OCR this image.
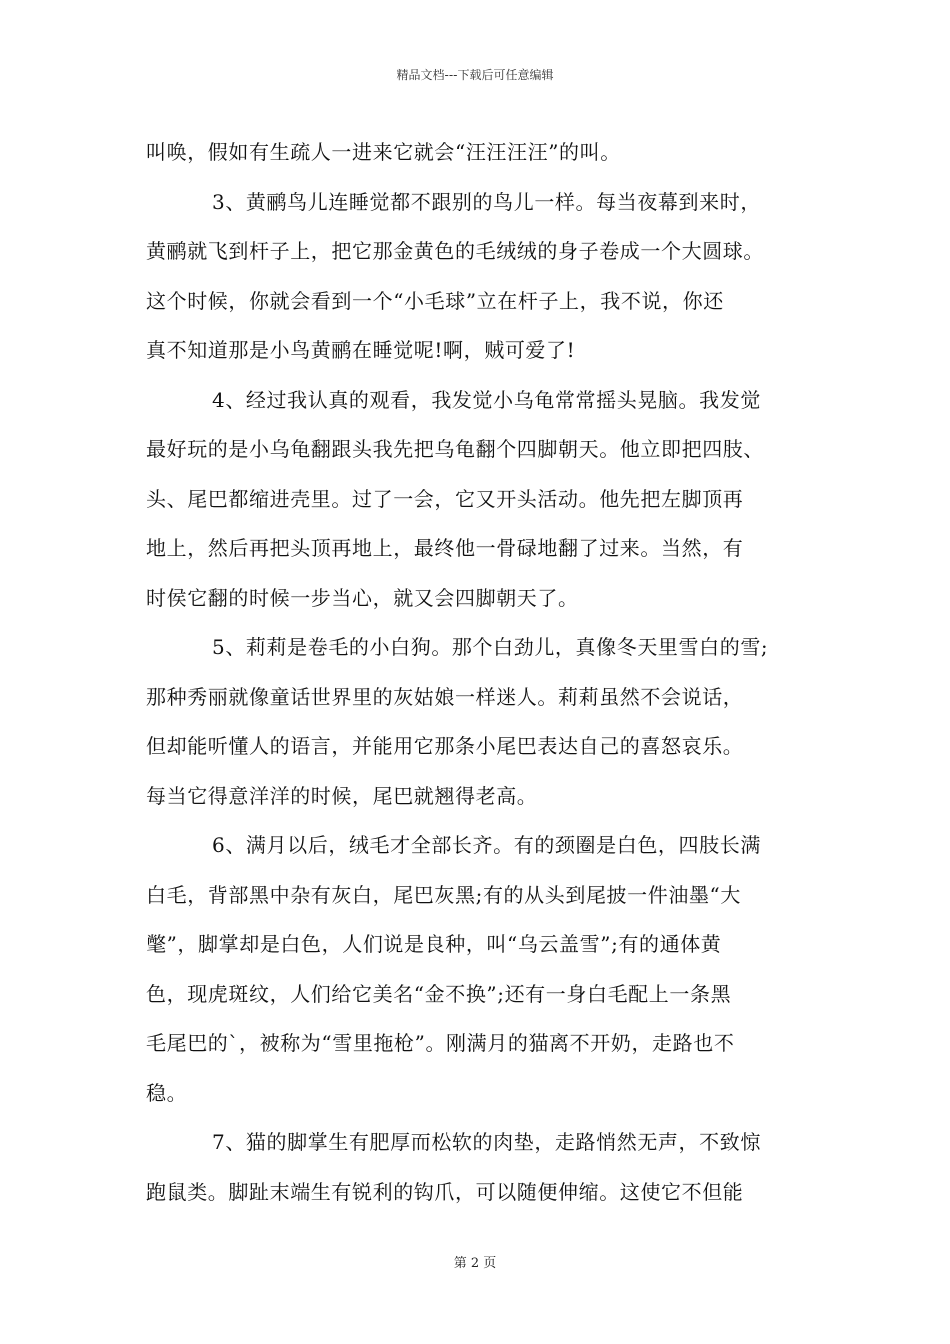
精品文档---下载后可任意编辑
叫唤，假如有生疏人一进来它就会“汪汪汪汪”的叫。
3、黄鹂鸟儿连睡觉都不跟别的鸟儿一样。每当夜幕到来时，
黄鹂就飞到杆子上，把它那金黄色的毛绒绒的身子卷成一个大圆球。
这个时候，你就会看到一个“小毛球”立在杆子上，我不说，你还
真不知道那是小鸟黄鹂在睡觉呢!啊，贼可爱了!
4、经过我认真的观看，我发觉小乌龟常常摇头晃脑。我发觉
最好玩的是小乌龟翻跟头我先把乌龟翻个四脚朝天。他立即把四肢、
头、尾巴都缩进壳里。过了一会，它又开头活动。他先把左脚顶再
地上，然后再把头顶再地上，最终他一骨碌地翻了过来。当然，有
时侯它翻的时候一步当心，就又会四脚朝天了。
5、莉莉是卷毛的小白狗。那个白劲儿，真像冬天里雪白的雪;
那种秀丽就像童话世界里的灰姑娘一样迷人。莉莉虽然不会说话，
但却能听懂人的语言，并能用它那条小尾巴表达自己的喜怒哀乐。
每当它得意洋洋的时候，尾巴就翘得老高。
6、满月以后，绒毛才全部长齐。有的颈圈是白色，四肢长满
白毛，背部黑中杂有灰白，尾巴灰黑;有的从头到尾披一件油墨“大
氅”，脚掌却是白色，人们说是良种，叫“乌云盖雪”;有的通体黄
色，现虎斑纹，人们给它美名“金不换”;还有一身白毛配上一条黑
毛尾巴的`，被称为“雪里拖枪”。刚满月的猫离不开奶，走路也不
稳。
7、猫的脚掌生有肥厚而松软的肉垫，走路悄然无声，不致惊
跑鼠类。脚趾末端生有锐利的钩爪，可以随便伸缩。这使它不但能
第 2 页
